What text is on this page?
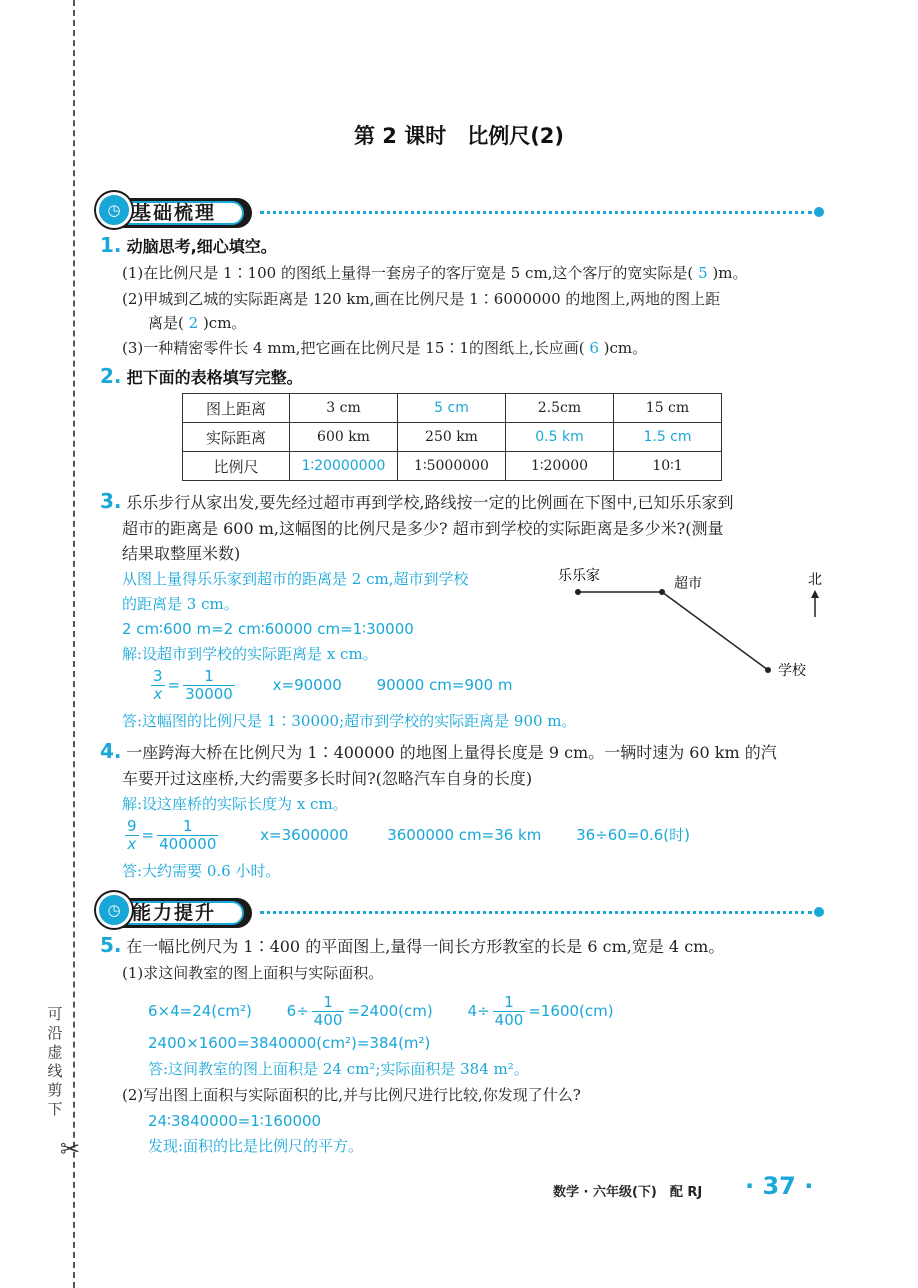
可
沿
虚
线
剪
下
✂
第 2 课时　比例尺(2)
◷ 基础梳理
1. 动脑思考,细心填空。
(1)在比例尺是 1∶100 的图纸上量得一套房子的客厅宽是 5 cm,这个客厅的宽实际是( 5 )m。
(2)甲城到乙城的实际距离是 120 km,画在比例尺是 1∶6000000 的地图上,两地的图上距
离是( 2 )cm。
(3)一种精密零件长 4 mm,把它画在比例尺是 15∶1的图纸上,长应画( 6 )cm。
2. 把下面的表格填写完整。
图上距离	3 cm	5 cm	2.5cm	15 cm
实际距离	600 km	250 km	0.5 km	1.5 cm
比例尺	1∶20000000	1∶5000000	1∶20000	10∶1
3. 乐乐步行从家出发,要先经过超市再到学校,路线按一定的比例画在下图中,已知乐乐家到
超市的距离是 600 m,这幅图的比例尺是多少? 超市到学校的实际距离是多少米?(测量
结果取整厘米数)
从图上量得乐乐家到超市的距离是 2 cm,超市到学校
的距离是 3 cm。
2 cm∶600 m=2 cm∶60000 cm=1∶30000
解:设超市到学校的实际距离是 x cm。
$\frac{3}{x} = \frac{1}{30000}$	x=90000 90000 cm=900 m
答:这幅图的比例尺是 1∶30000;超市到学校的实际距离是 900 m。
乐乐家	超市
学校
北
4. 一座跨海大桥在比例尺为 1∶400000 的地图上量得长度是 9 cm。一辆时速为 60 km 的汽
车要开过这座桥,大约需要多长时间?(忽略汽车自身的长度)
解:设这座桥的实际长度为 x cm。
$\frac{9}{x} = \frac{1}{400000}$	x=3600000	3600000 cm=36 km 36÷60=0.6(时)
答:大约需要 0.6 小时。
◷ 能力提升
5. 在一幅比例尺为 1∶400 的平面图上,量得一间长方形教室的长是 6 cm,宽是 4 cm。
(1)求这间教室的图上面积与实际面积。
6×4=24(cm²) $6\div \frac{1}{400} =2400(cm)$ $4\div \frac{1}{400} =1600(cm)$
2400×1600=3840000(cm²)=384(m²)
答:这间教室的图上面积是 24 cm²;实际面积是 384 m²。
(2)写出图上面积与实际面积的比,并与比例尺进行比较,你发现了什么?
24∶3840000=1∶160000
发现:面积的比是比例尺的平方。
数学 · 六年级(下)　配 RJ · 37 ·
